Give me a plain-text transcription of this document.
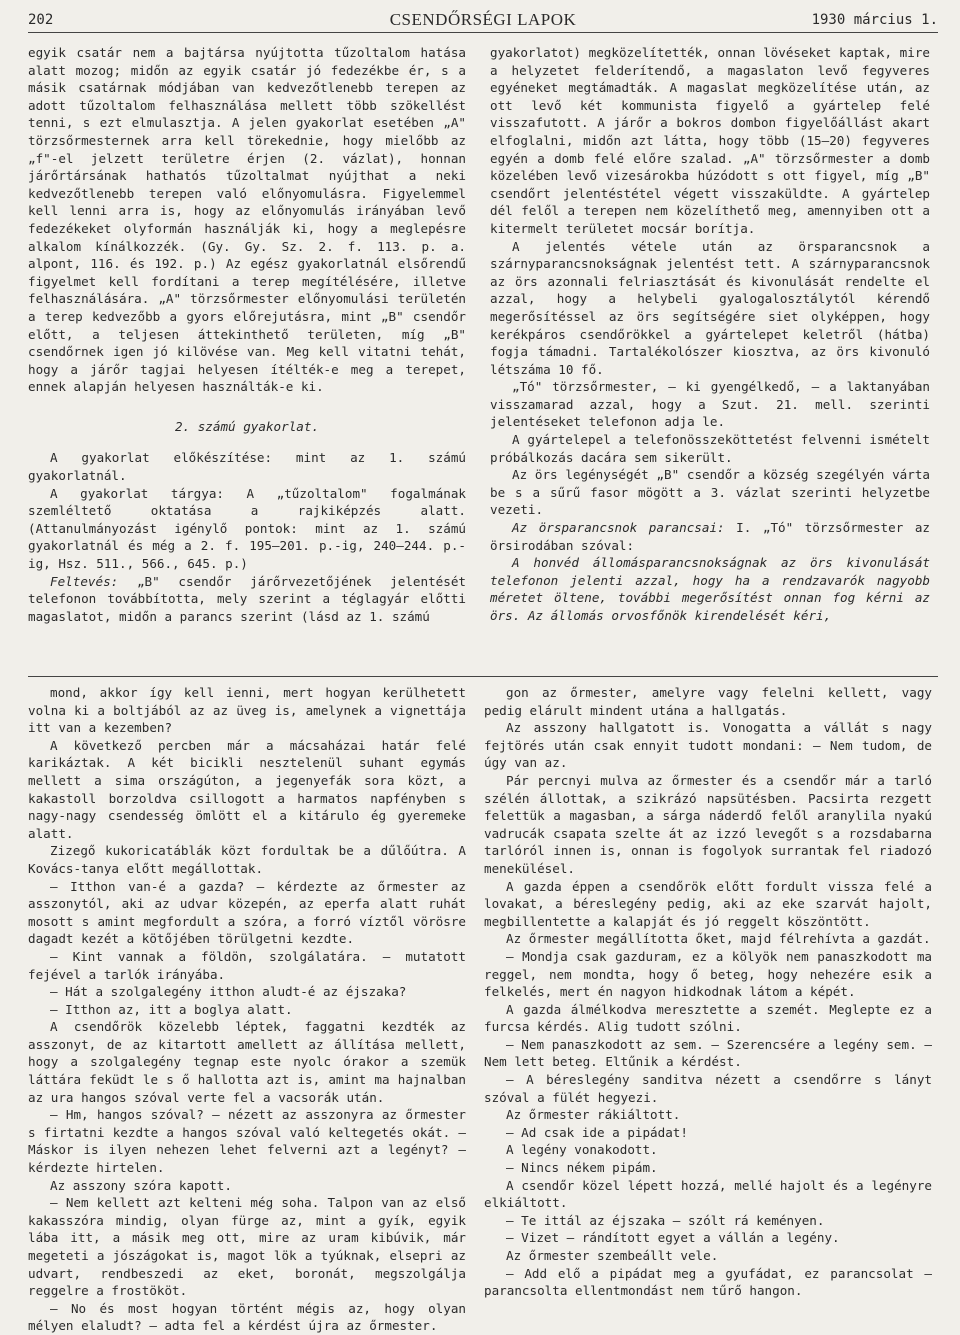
202	CSENDŐRSÉGI LAPOK	1930 március 1.

egyik csatár nem a bajtársa nyújtotta tűzoltalom hatása alatt mozog; midőn az egyik csatár jó fedezékbe ér, s a másik csatárnak módjában van kedvezőtlenebb terepen az adott tűzoltalom felhasználása mellett több szökellést tenni, s ezt elmulasztja. A jelen gyakorlat esetében „A" törzsőrmesternek arra kell törekednie, hogy mielőbb az „f"-el jelzett területre érjen (2. vázlat), honnan járőrtársának hathatós tűzoltalmat nyújthat a neki kedvezőtlenebb terepen való előnyomulásra. Figyelemmel kell lenni arra is, hogy az előnyomulás irányában levő fedezékeket olyformán használják ki, hogy a meglepésre alkalom kínálkozzék. (Gy. Gy. Sz. 2. f. 113. p. a. alpont, 116. és 192. p.) Az egész gyakorlatnál elsőrendű figyelmet kell fordítani a terep megítélésére, illetve felhasználására. „A" törzsőrmester előnyomulási területén a terep kedvezőbb a gyors előrejutásra, mint „B" csendőr előtt, a teljesen áttekinthető területen, míg „B" csendőrnek igen jó kilövése van. Meg kell vitatni tehát, hogy a járőr tagjai helyesen ítélték-e meg a terepet, ennek alapján helyesen használták-e ki.

2. számú gyakorlat.

A gyakorlat előkészítése: mint az 1. számú gyakorlatnál.

A gyakorlat tárgya: A „tűzoltalom" fogalmának szemléltető oktatása a rajkiképzés alatt. (Attanulmányozást igénylő pontok: mint az 1. számú gyakorlatnál és még a 2. f. 195—201. p.-ig, 240—244. p.-ig, Hsz. 511., 566., 645. p.)

Feltevés: „B" csendőr járőrvezetőjének jelentését telefonon továbbította, mely szerint a téglagyár előtti magaslatot, midőn a parancs szerint (lásd az 1. számú

gyakorlatot) megközelítették, onnan lövéseket kaptak, mire a helyzetet felderítendő, a magaslaton levő fegyveres egyéneket megtámadták. A magaslat megközelítése után, az ott levő két kommunista figyelő a gyártelep felé visszafutott. A járőr a bokros dombon figyelőállást akart elfoglalni, midőn azt látta, hogy több (15—20) fegyveres egyén a domb felé előre szalad. „A" törzsőrmester a domb közelében levő vizesárokba húzódott s ott figyel, míg „B" csendőrt jelentéstétel végett visszaküldte. A gyártelep dél felől a terepen nem közelíthető meg, amennyiben ott a kitermelt területet mocsár borítja.

A jelentés vétele után az örsparancsnok a szárnyparancsnokságnak jelentést tett. A szárnyparancsnok az örs azonnali felriasztását és kivonulását rendelte el azzal, hogy a helybeli gyalogalosztálytól kérendő megerősítéssel az örs segítségére siet olyképpen, hogy kerékpáros csendőrökkel a gyártelepet keletről (hátba) fogja támadni. Tartalékolószer kiosztva, az örs kivonuló létszáma 10 fő.

„Tó" törzsőrmester, — ki gyengélkedő, — a laktanyában visszamarad azzal, hogy a Szut. 21. mell. szerinti jelentéseket telefonon adja le.

A gyártelepel a telefonösszeköttetést felvenni ismételt próbálkozás dacára sem sikerült.

Az örs legénységét „B" csendőr a község szegélyén várta be s a sűrű fasor mögött a 3. vázlat szerinti helyzetbe vezeti.

Az örsparancsnok parancsai: I. „Tó" törzsőrmester az örsirodában szóval:

A honvéd állomásparancsnokságnak az örs kivonulását telefonon jelenti azzal, hogy ha a rendzavarók nagyobb méretet öltene, további megerősítést onnan fog kérni az örs. Az állomás orvosfőnök kirendelését kéri,

mond, akkor így kell ienni, mert hogyan kerülhetett volna ki a boltjából az az üveg is, amelynek a vignettája itt van a kezemben?

A következő percben már a mácsaházai határ felé karikáztak. A két bicikli nesztelenül suhant egymás mellett a sima országúton, a jegenyefák sora közt, a kakastoll borzoldva csillogott a harmatos napfényben s nagy-nagy csendesség ömlött el a kitárulo ég gyeremeke alatt.

Zizegő kukoricatáblák közt fordultak be a dűlőútra. A Kovács-tanya előtt megállottak.

— Itthon van-é a gazda? — kérdezte az őrmester az asszonytól, aki az udvar közepén, az eperfa alatt ruhát mosott s amint megfordult a szóra, a forró víztől vörösre dagadt kezét a kötőjében törülgetni kezdte.

— Kint vannak a földön, szolgálatára. — mutatott fejével a tarlók irányába.

— Hát a szolgalegény itthon aludt-é az éjszaka?

— Itthon az, itt a boglya alatt.

A csendőrök közelebb léptek, faggatni kezdték az asszonyt, de az kitartott amellett az állítása mellett, hogy a szolgalegény tegnap este nyolc órakor a szemük láttára feküdt le s ő hallotta azt is, amint ma hajnalban az ura hangos szóval verte fel a vacsorák után.

— Hm, hangos szóval? — nézett az asszonyra az őrmester s firtatni kezdte a hangos szóval való keltegetés okát. — Máskor is ilyen nehezen lehet felverni azt a legényt? — kérdezte hirtelen.

Az asszony szóra kapott.

— Nem kellett azt kelteni még soha. Talpon van az első kakasszóra mindig, olyan fürge az, mint a gyík, egyik lába itt, a másik meg ott, mire az uram kibúvik, már megeteti a jószágokat is, magot lök a tyúknak, elsepri az udvart, rendbeszedi az eket, boronát, megszolgálja reggelre a frostököt.

— No és most hogyan történt mégis az, hogy olyan mélyen elaludt? — adta fel a kérdést újra az őrmester.

gon az őrmester, amelyre vagy felelni kellett, vagy pedig elárult mindent utána a hallgatás.

Az asszony hallgatott is. Vonogatta a vállát s nagy fejtörés után csak ennyit tudott mondani: — Nem tudom, de úgy van az.

Pár percnyi mulva az őrmester és a csendőr már a tarló szélén állottak, a szikrázó napsütésben. Pacsirta rezgett felettük a magasban, a sárga náderdő felől aranylila nyakú vadrucák csapata szelte át az izzó levegőt s a rozsdabarna tarlóról innen is, onnan is fogolyok surrantak fel riadozó menekülésel.

A gazda éppen a csendőrök előtt fordult vissza felé a lovakat, a béreslegény pedig, aki az eke szarvát hajolt, megbillentette a kalapját és jó reggelt köszöntött.

Az őrmester megállította őket, majd félrehívta a gazdát.

— Mondja csak gazduram, ez a kölyök nem panaszkodott ma reggel, nem mondta, hogy ő beteg, hogy nehezére esik a felkelés, mert én nagyon hidkodnak látom a képét.

A gazda álmélkodva meresztette a szemét. Meglepte ez a furcsa kérdés. Alig tudott szólni.

— Nem panaszkodott az sem. — Szerencsére a legény sem. — Nem lett beteg. Eltűnik a kérdést.

— A béreslegény sanditva nézett a csendőrre s lányt szóval a fülét hegyezi.

Az őrmester rákiáltott.

— Ad csak ide a pipádat!

A legény vonakodott.

— Nincs nékem pipám.

A csendőr közel lépett hozzá, mellé hajolt és a legényre elkiáltott.

— Te ittál az éjszaka — szólt rá keményen.

— Vizet — rándított egyet a vállán a legény.

Az őrmester szembeállt vele.

— Add elő a pipádat meg a gyufádat, ez parancsolat — parancsolta ellentmondást nem tűrő hangon.
